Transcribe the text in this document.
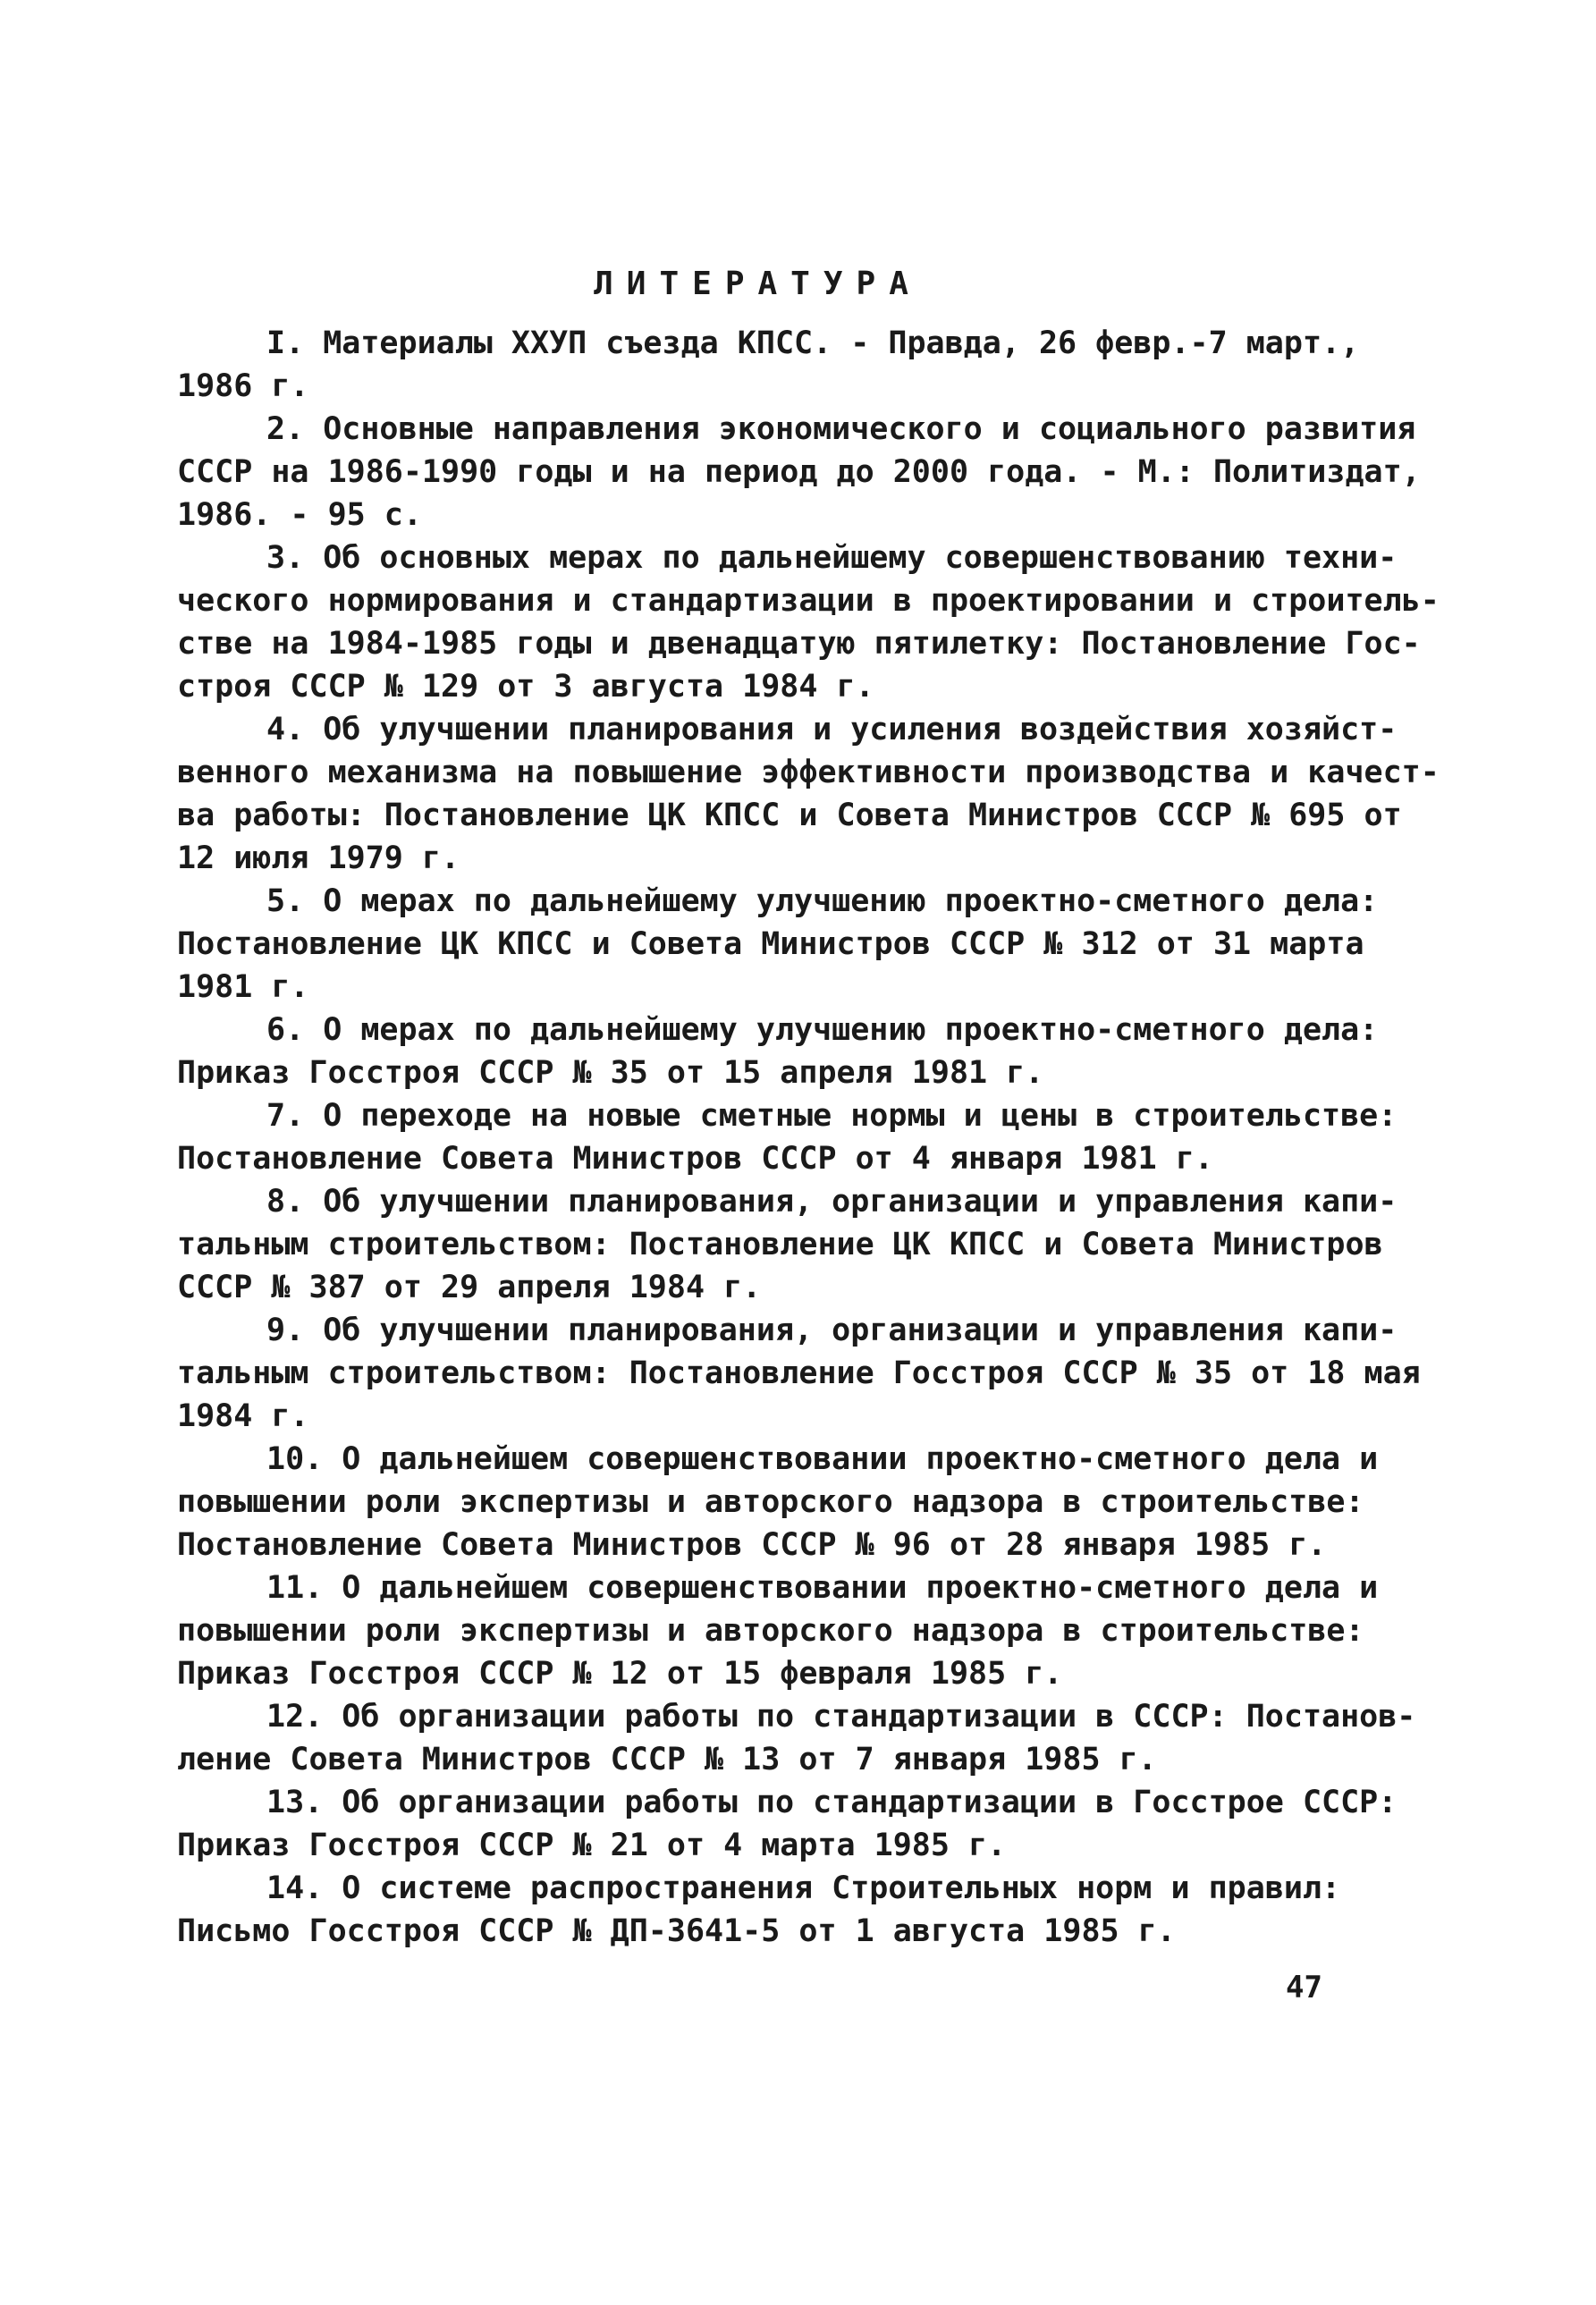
ЛИТЕРАТУРА
I. Материалы ХХУП съезда КПСС. - Правда, 26 февр.-7 март.,
1986 г.
2. Основные направления экономического и социального развития
СССР на 1986-1990 годы и на период до 2000 года. - М.: Политиздат,
1986. - 95 с.
3. Об основных мерах по дальнейшему совершенствованию техни-
ческого нормирования и стандартизации в проектировании и строитель-
стве на 1984-1985 годы и двенадцатую пятилетку: Постановление Гос-
строя СССР № 129 от 3 августа 1984 г.
4. Об улучшении планирования и усиления воздействия хозяйст-
венного механизма на повышение эффективности производства и качест-
ва работы: Постановление ЦК КПСС и Совета Министров СССР № 695 от
12 июля 1979 г.
5. О мерах по дальнейшему улучшению проектно-сметного дела:
Постановление ЦК КПСС и Совета Министров СССР № 312 от 31 марта
1981 г.
6. О мерах по дальнейшему улучшению проектно-сметного дела:
Приказ Госстроя СССР № 35 от 15 апреля 1981 г.
7. О переходе на новые сметные нормы и цены в строительстве:
Постановление Совета Министров СССР от 4 января 1981 г.
8. Об улучшении планирования, организации и управления капи-
тальным строительством: Постановление ЦК КПСС и Совета Министров
СССР № 387 от 29 апреля 1984 г.
9. Об улучшении планирования, организации и управления капи-
тальным строительством: Постановление Госстроя СССР № 35 от 18 мая
1984 г.
10. О дальнейшем совершенствовании проектно-сметного дела и
повышении роли экспертизы и авторского надзора в строительстве:
Постановление Совета Министров СССР № 96 от 28 января 1985 г.
11. О дальнейшем совершенствовании проектно-сметного дела и
повышении роли экспертизы и авторского надзора в строительстве:
Приказ Госстроя СССР № 12 от 15 февраля 1985 г.
12. Об организации работы по стандартизации в СССР: Постанов-
ление Совета Министров СССР № 13 от 7 января 1985 г.
13. Об организации работы по стандартизации в Госстрое СССР:
Приказ Госстроя СССР № 21 от 4 марта 1985 г.
14. О системе распространения Строительных норм и правил:
Письмо Госстроя СССР № ДП-3641-5 от 1 августа 1985 г.
47
